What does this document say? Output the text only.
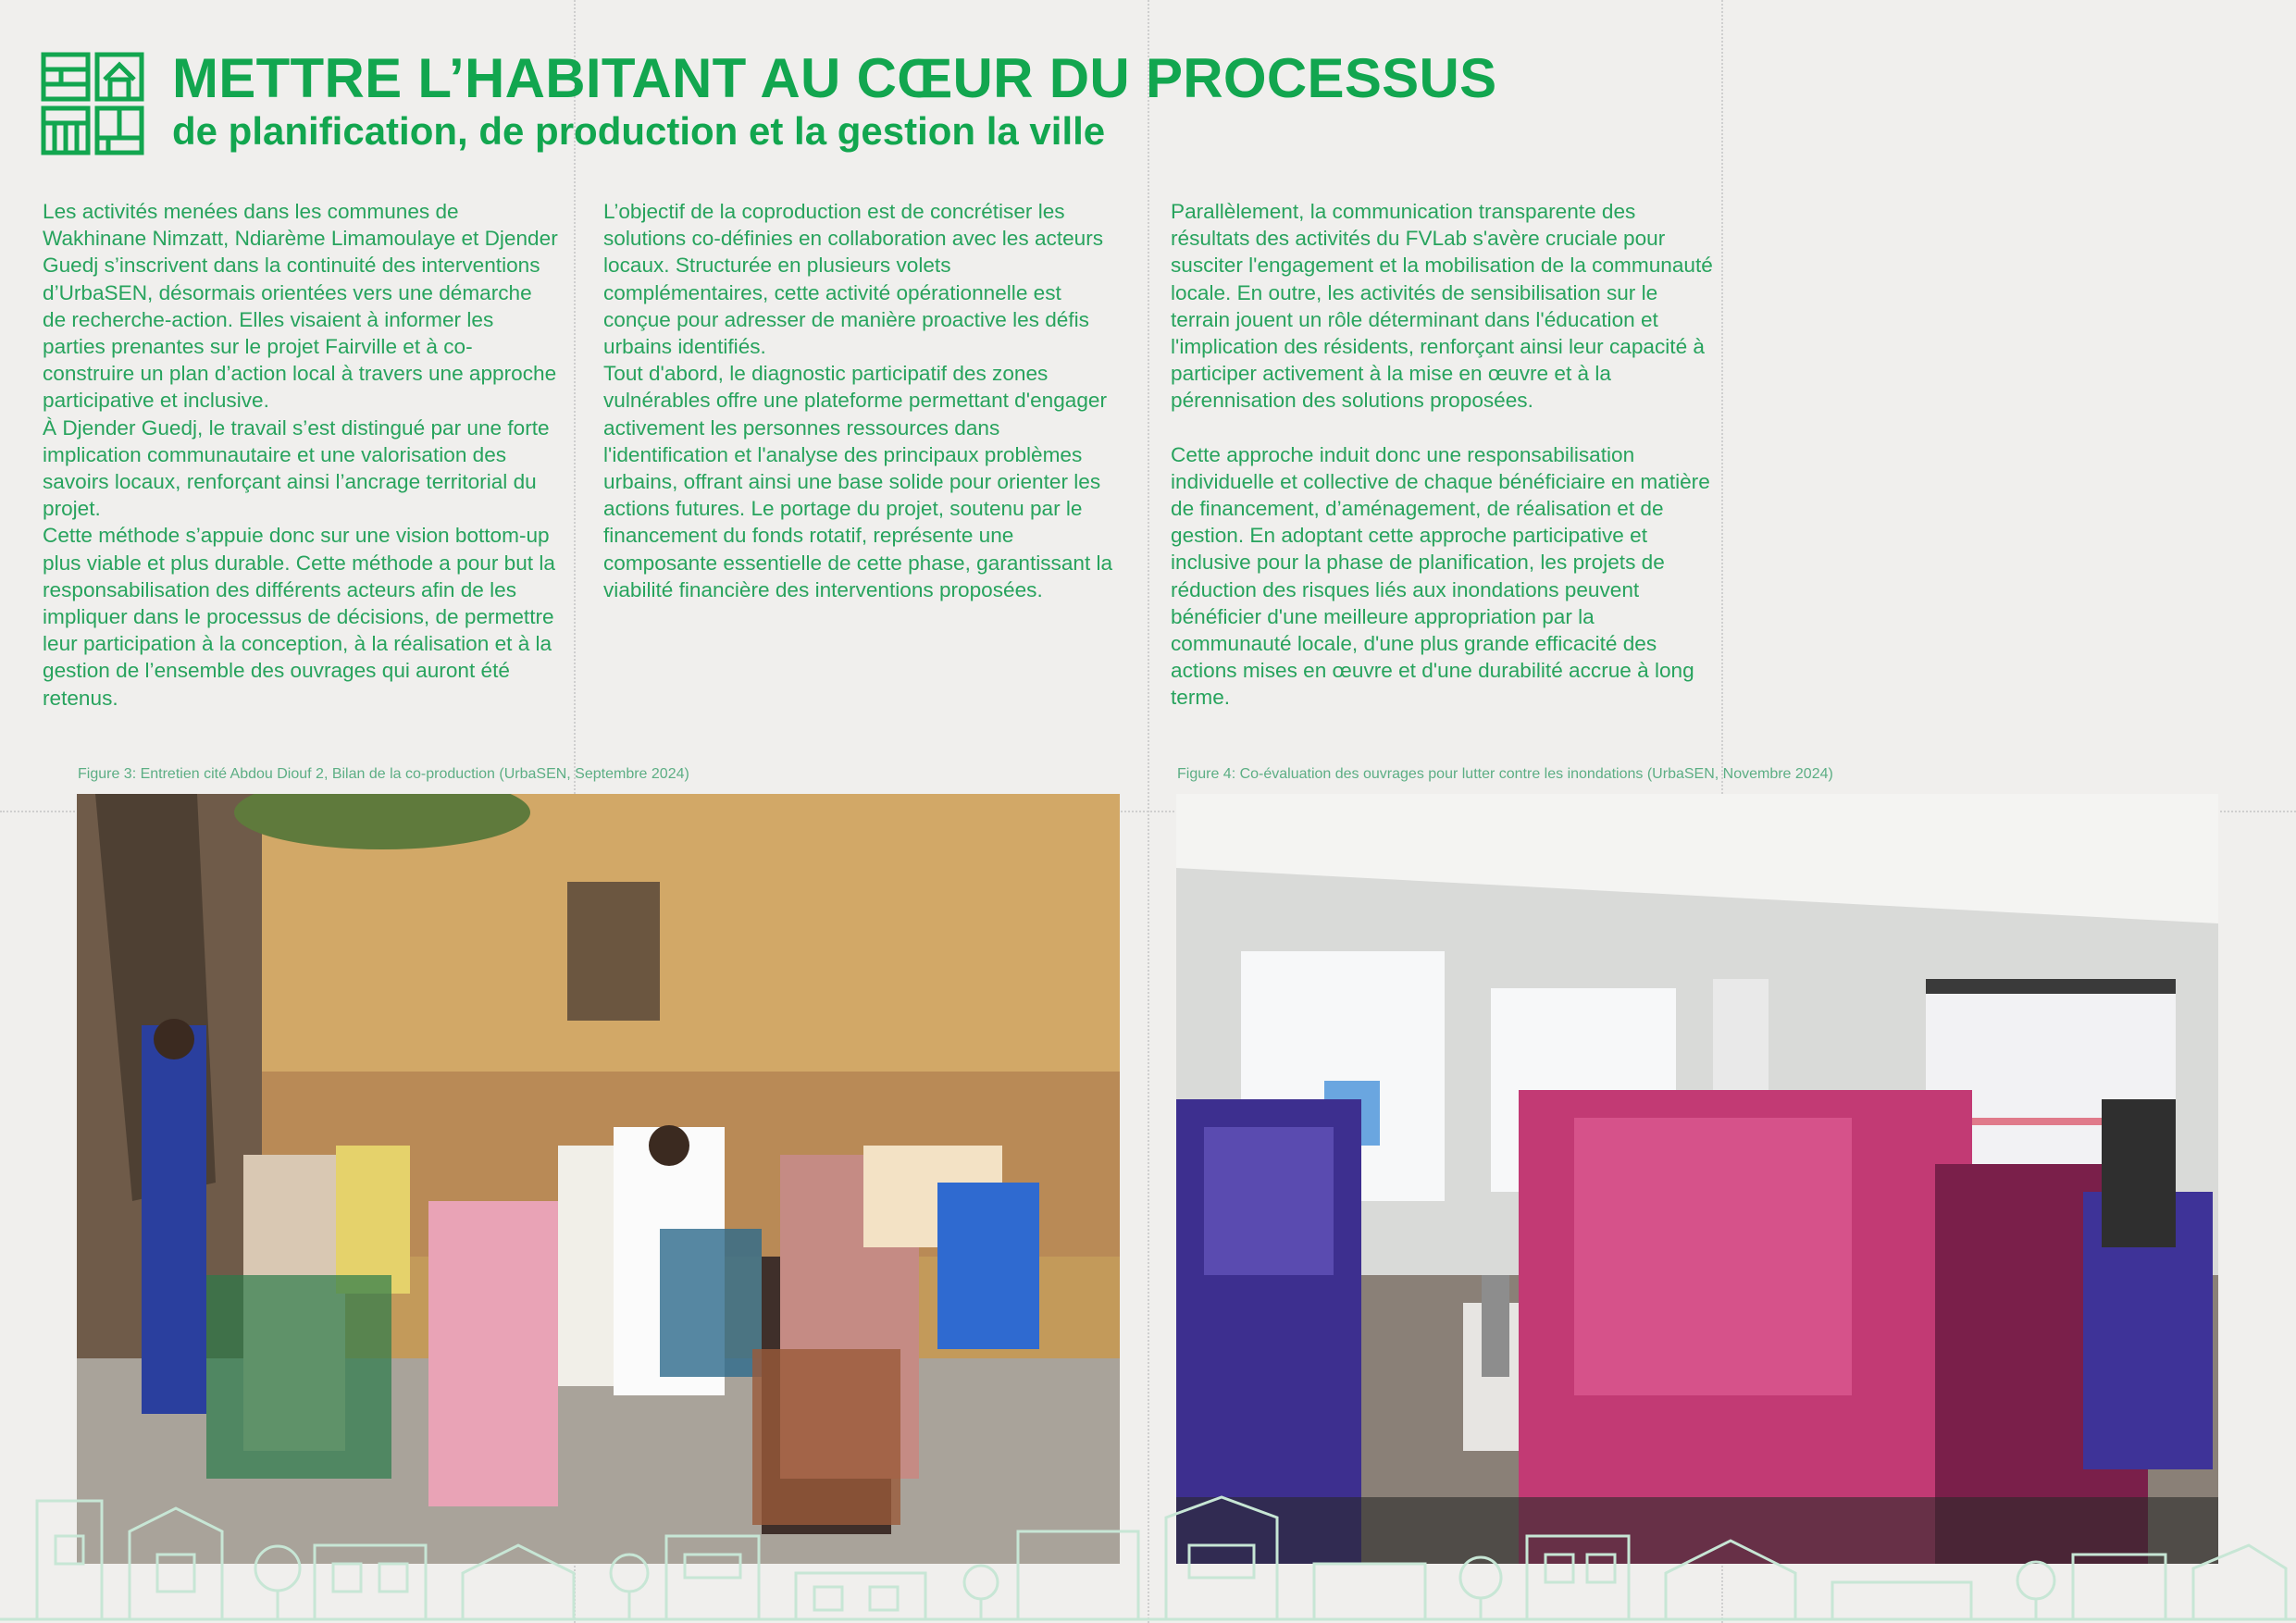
METTRE L’HABITANT AU CŒUR DU PROCESSUS
de planification, de production et la gestion la ville

Les activités menées dans les communes de Wakhinane Nimzatt, Ndiarème Limamoulaye et Djender Guedj s’inscrivent dans la continuité des interventions d’UrbaSEN, désormais orientées vers une démarche de recherche-action. Elles visaient à informer les parties prenantes sur le projet Fairville et à co-construire un plan d’action local à travers une approche participative et inclusive.

À Djender Guedj, le travail s’est distingué par une forte implication communautaire et une valorisation des savoirs locaux, renforçant ainsi l’ancrage territorial du projet.

Cette méthode s’appuie donc sur une vision bottom-up plus viable et plus durable. Cette méthode a pour but la responsabilisation des différents acteurs afin de les impliquer dans le processus de décisions, de permettre leur participation à la conception, à la réalisation et à la gestion de l’ensemble des ouvrages qui auront été retenus.

L’objectif de la coproduction est de concrétiser les solutions co-définies en collaboration avec les acteurs locaux. Structurée en plusieurs volets complémentaires, cette activité opérationnelle est conçue pour adresser de manière proactive les défis urbains identifiés.

Tout d'abord, le diagnostic participatif des zones vulnérables offre une plateforme permettant d'engager activement les personnes ressources dans l'identification et l'analyse des principaux problèmes urbains, offrant ainsi une base solide pour orienter les actions futures. Le portage du projet, soutenu par le financement du fonds rotatif, représente une composante essentielle de cette phase, garantissant la viabilité financière des interventions proposées.

Parallèlement, la communication transparente des résultats des activités du FVLab s'avère cruciale pour susciter l'engagement et la mobilisation de la communauté locale. En outre, les activités de sensibilisation sur le terrain jouent un rôle déterminant dans l'éducation et l'implication des résidents, renforçant ainsi leur capacité à participer activement à la mise en œuvre et à la pérennisation des solutions proposées.

Cette approche induit donc une responsabilisation individuelle et collective de chaque bénéficiaire en matière de financement, d’aménagement, de réalisation et de gestion. En adoptant cette approche participative et inclusive pour la phase de planification, les projets de réduction des risques liés aux inondations peuvent bénéficier d'une meilleure appropriation par la communauté locale, d'une plus grande efficacité des actions mises en œuvre et d'une durabilité accrue à long terme.

Figure 3: Entretien cité Abdou Diouf 2, Bilan de la co-production (UrbaSEN, Septembre 2024)	Figure 4: Co-évaluation des ouvrages pour lutter contre les inondations (UrbaSEN, Novembre 2024)
